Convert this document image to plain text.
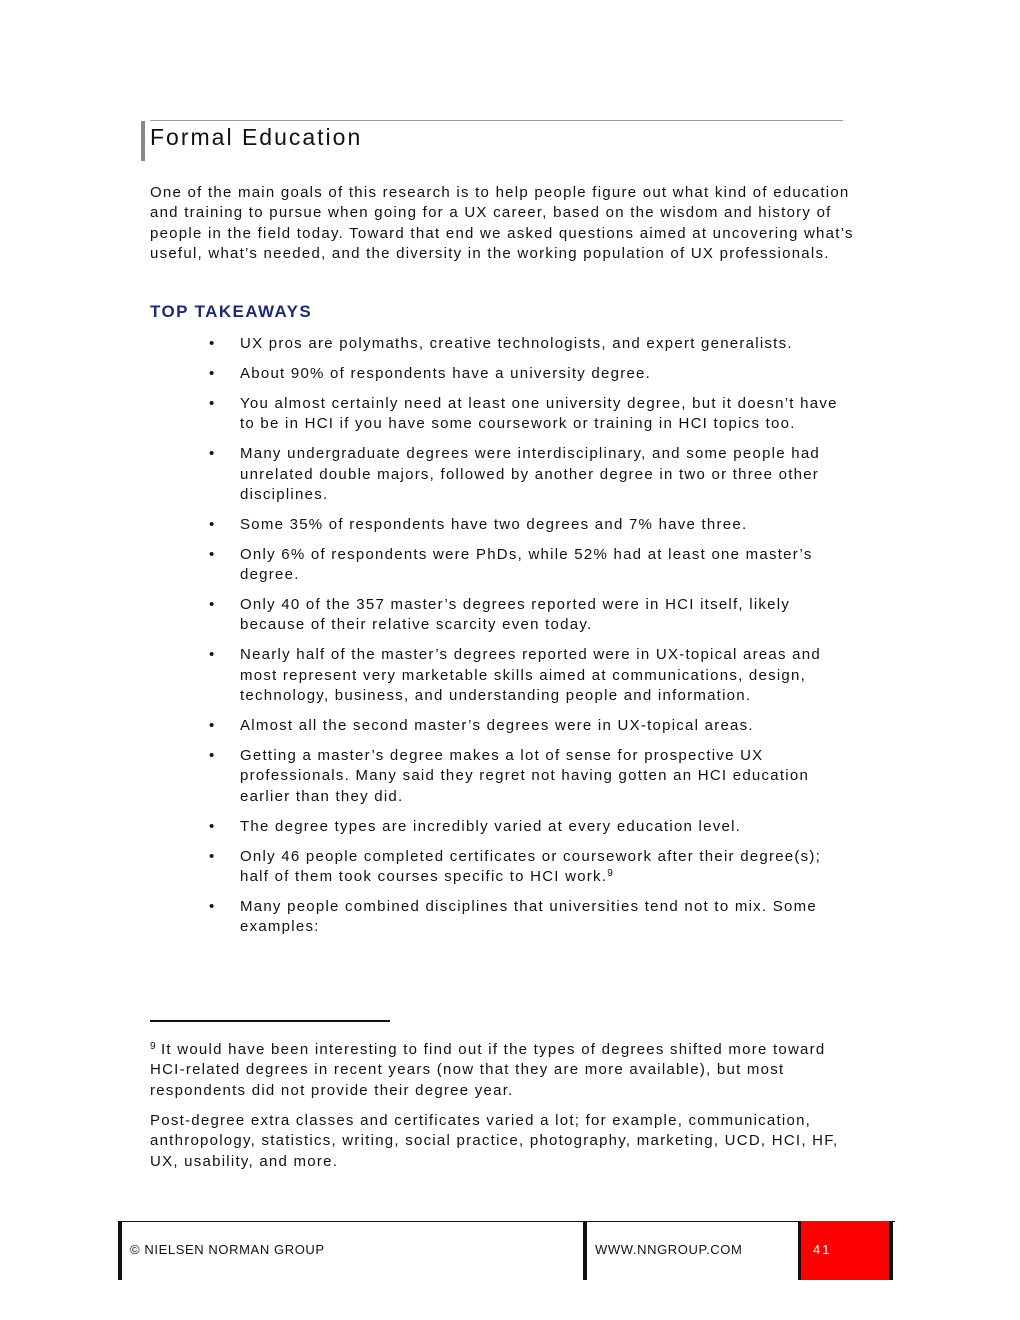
Formal Education

One of the main goals of this research is to help people figure out what kind of education and training to pursue when going for a UX career, based on the wisdom and history of people in the field today. Toward that end we asked questions aimed at uncovering what’s useful, what’s needed, and the diversity in the working population of UX professionals.

TOP TAKEAWAYS
• UX pros are polymaths, creative technologists, and expert generalists.
• About 90% of respondents have a university degree.
• You almost certainly need at least one university degree, but it doesn’t have to be in HCI if you have some coursework or training in HCI topics too.
• Many undergraduate degrees were interdisciplinary, and some people had unrelated double majors, followed by another degree in two or three other disciplines.
• Some 35% of respondents have two degrees and 7% have three.
• Only 6% of respondents were PhDs, while 52% had at least one master’s degree.
• Only 40 of the 357 master’s degrees reported were in HCI itself, likely because of their relative scarcity even today.
• Nearly half of the master’s degrees reported were in UX-topical areas and most represent very marketable skills aimed at communications, design, technology, business, and understanding people and information.
• Almost all the second master’s degrees were in UX-topical areas.
• Getting a master’s degree makes a lot of sense for prospective UX professionals. Many said they regret not having gotten an HCI education earlier than they did.
• The degree types are incredibly varied at every education level.
• Only 46 people completed certificates or coursework after their degree(s); half of them took courses specific to HCI work.$^9$
• Many people combined disciplines that universities tend not to mix. Some examples:

$^9$ It would have been interesting to find out if the types of degrees shifted more toward HCI-related degrees in recent years (now that they are more available), but most respondents did not provide their degree year.

Post-degree extra classes and certificates varied a lot; for example, communication, anthropology, statistics, writing, social practice, photography, marketing, UCD, HCI, HF, UX, usability, and more.

© NIELSEN NORMAN GROUP	WWW.NNGROUP.COM	41
